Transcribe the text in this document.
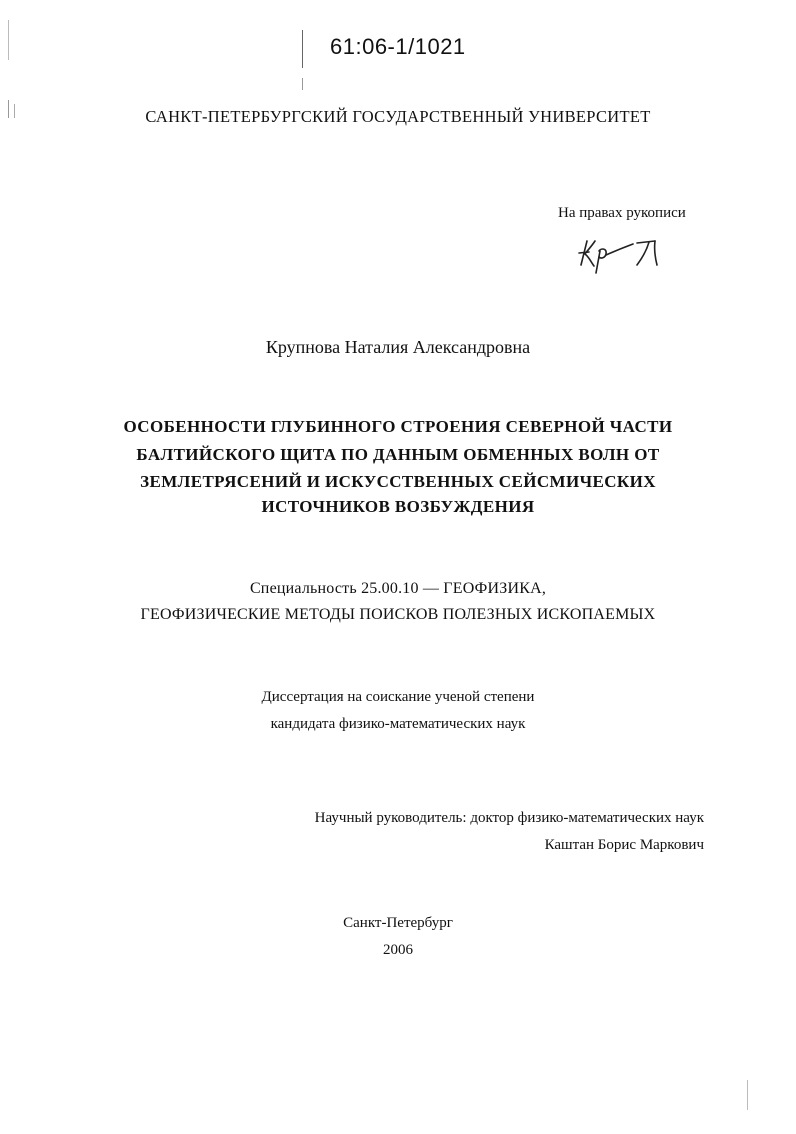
61:06-1/1021
САНКТ-ПЕТЕРБУРГСКИЙ ГОСУДАРСТВЕННЫЙ УНИВЕРСИТЕТ
На правах рукописи
Крупнова Наталия Александровна
ОСОБЕННОСТИ ГЛУБИННОГО СТРОЕНИЯ СЕВЕРНОЙ ЧАСТИ
БАЛТИЙСКОГО ЩИТА ПО ДАННЫМ ОБМЕННЫХ ВОЛН ОТ
ЗЕМЛЕТРЯСЕНИЙ И ИСКУССТВЕННЫХ СЕЙСМИЧЕСКИХ
ИСТОЧНИКОВ ВОЗБУЖДЕНИЯ
Специальность 25.00.10 — ГЕОФИЗИКА,
ГЕОФИЗИЧЕСКИЕ МЕТОДЫ ПОИСКОВ ПОЛЕЗНЫХ ИСКОПАЕМЫХ
Диссертация на соискание ученой степени
кандидата физико-математических наук
Научный руководитель: доктор физико-математических наук
Каштан Борис Маркович
Санкт-Петербург
2006
